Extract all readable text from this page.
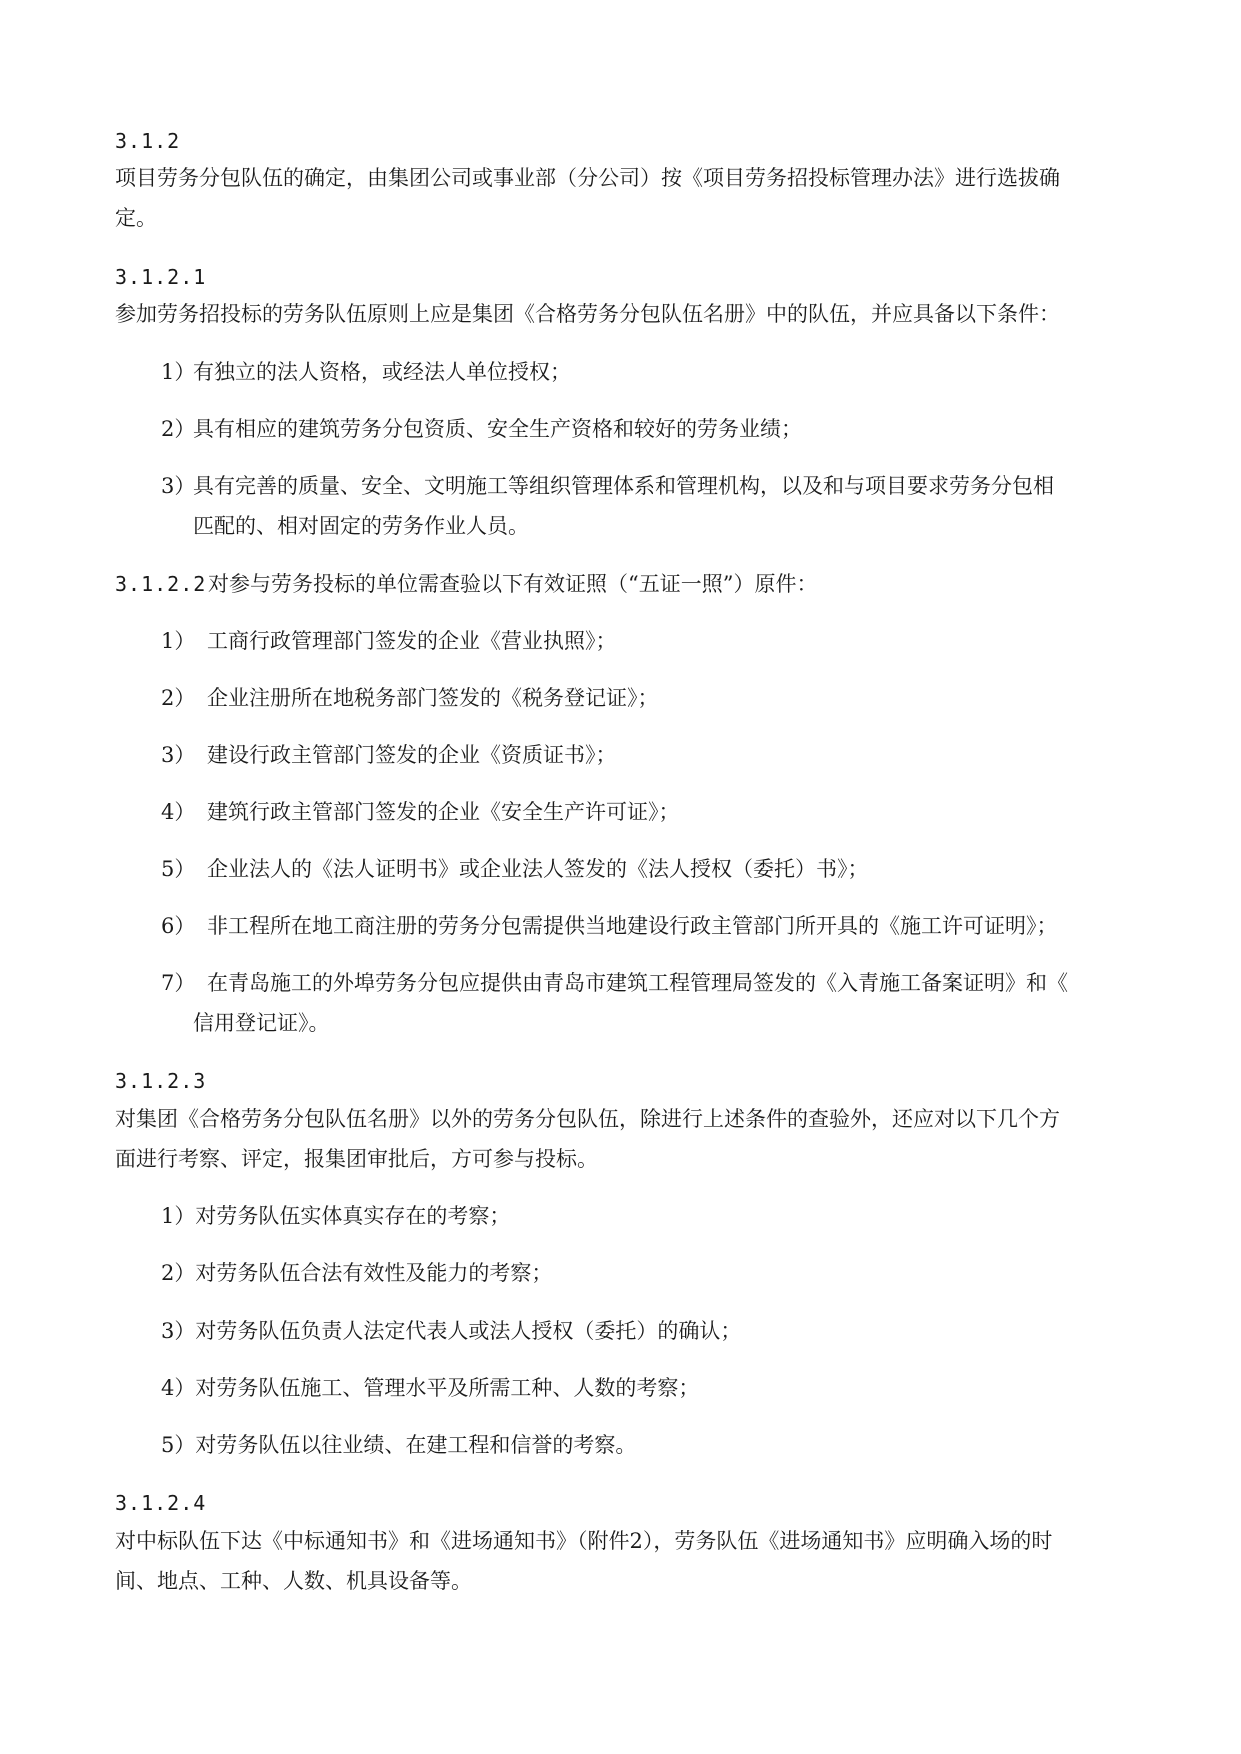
3.1.2
项目劳务分包队伍的确定，由集团公司或事业部（分公司）按《项目劳务招投标管理办法》进行选拔确
定。
3.1.2.1
参加劳务招投标的劳务队伍原则上应是集团《合格劳务分包队伍名册》中的队伍，并应具备以下条件：
1）
有独立的法人资格，或经法人单位授权；
2）
具有相应的建筑劳务分包资质、安全生产资格和较好的劳务业绩；
3）
具有完善的质量、安全、文明施工等组织管理体系和管理机构，以及和与项目要求劳务分包相
匹配的、相对固定的劳务作业人员。
3.1.2.2 对参与劳务投标的单位需查验以下有效证照（“五证一照”）原件：
1） 工商行政管理部门签发的企业《营业执照》；
2） 企业注册所在地税务部门签发的《税务登记证》；
3） 建设行政主管部门签发的企业《资质证书》；
4） 建筑行政主管部门签发的企业《安全生产许可证》；
5） 企业法人的《法人证明书》或企业法人签发的《法人授权（委托）书》；
6） 非工程所在地工商注册的劳务分包需提供当地建设行政主管部门所开具的《施工许可证明》；
7） 在青岛施工的外埠劳务分包应提供由青岛市建筑工程管理局签发的《入青施工备案证明》和《
信用登记证》。
3.1.2.3
对集团《合格劳务分包队伍名册》以外的劳务分包队伍，除进行上述条件的查验外，还应对以下几个方
面进行考察、评定，报集团审批后，方可参与投标。
1）对劳务队伍实体真实存在的考察；
2）对劳务队伍合法有效性及能力的考察；
3）对劳务队伍负责人法定代表人或法人授权（委托）的确认；
4）对劳务队伍施工、管理水平及所需工种、人数的考察；
5）对劳务队伍以往业绩、在建工程和信誉的考察。
3.1.2.4
对中标队伍下达《中标通知书》和《进场通知书》（附件2），劳务队伍《进场通知书》应明确入场的时
间、地点、工种、人数、机具设备等。
